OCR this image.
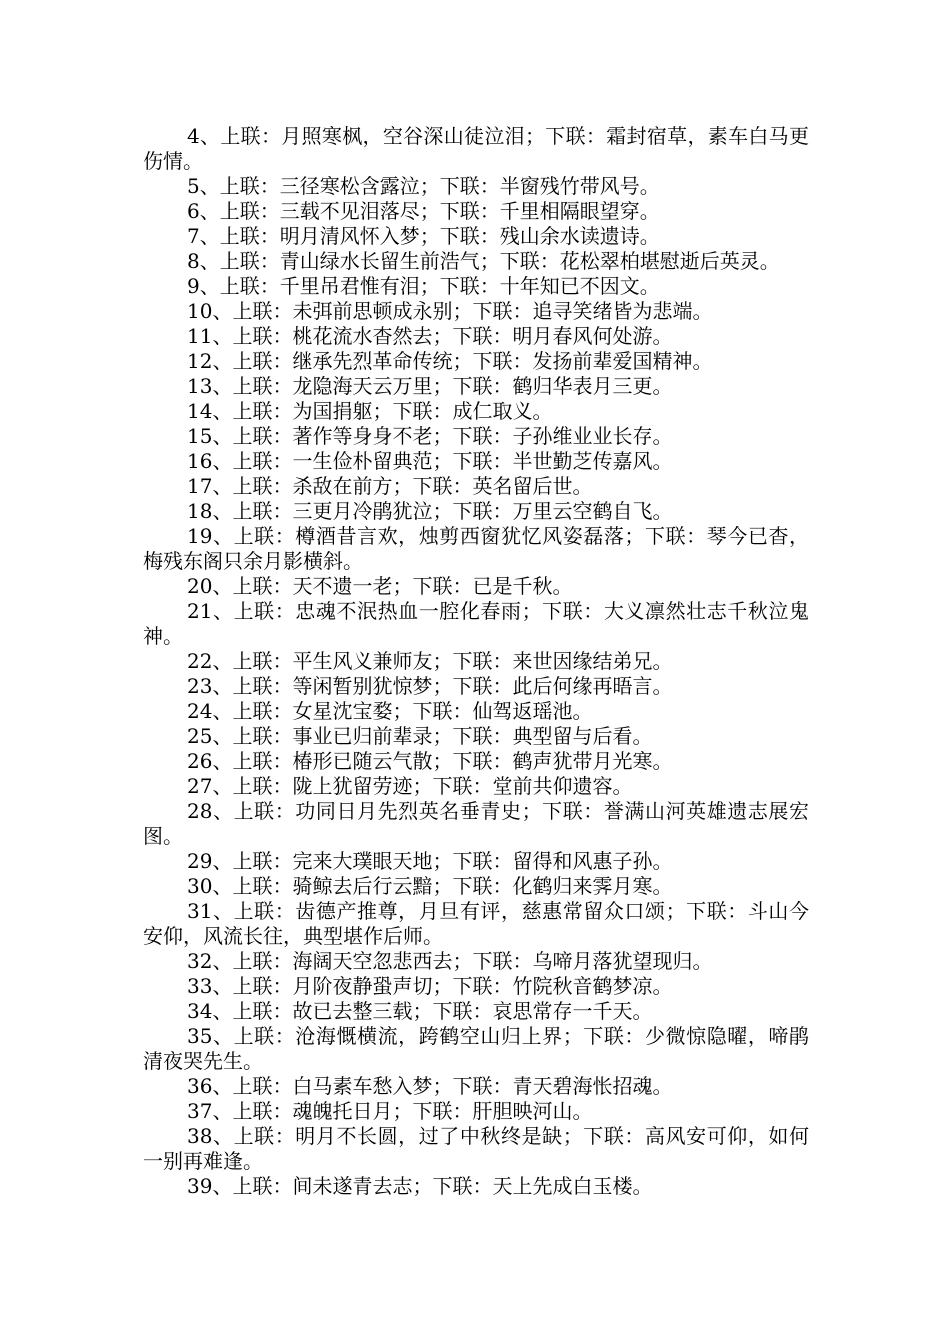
4、上联：月照寒枫，空谷深山徒泣泪；下联：霜封宿草，素车白马更伤情。

5、上联：三径寒松含露泣；下联：半窗残竹带风号。

6、上联：三载不见泪落尽；下联：千里相隔眼望穿。

7、上联：明月清风怀入梦；下联：残山余水读遗诗。

8、上联：青山绿水长留生前浩气；下联：花松翠柏堪慰逝后英灵。

9、上联：千里吊君惟有泪；下联：十年知已不因文。

10、上联：未弭前思顿成永别；下联：追寻笑绪皆为悲端。

11、上联：桃花流水杳然去；下联：明月春风何处游。

12、上联：继承先烈革命传统；下联：发扬前辈爱国精神。

13、上联：龙隐海天云万里；下联：鹤归华表月三更。

14、上联：为国捐躯；下联：成仁取义。

15、上联：著作等身身不老；下联：子孙维业业长存。

16、上联：一生俭朴留典范；下联：半世勤芝传嘉风。

17、上联：杀敌在前方；下联：英名留后世。

18、上联：三更月冷鹃犹泣；下联：万里云空鹤自飞。

19、上联：樽酒昔言欢，烛剪西窗犹忆风姿磊落；下联：琴今已杳，梅残东阁只余月影横斜。

20、上联：天不遗一老；下联：已是千秋。

21、上联：忠魂不泯热血一腔化春雨；下联：大义凛然壮志千秋泣鬼神。

22、上联：平生风义兼师友；下联：来世因缘结弟兄。

23、上联：等闲暂别犹惊梦；下联：此后何缘再晤言。

24、上联：女星沈宝婺；下联：仙驾返瑶池。

25、上联：事业已归前辈录；下联：典型留与后看。

26、上联：椿形已随云气散；下联：鹤声犹带月光寒。

27、上联：陇上犹留劳迹；下联：堂前共仰遗容。

28、上联：功同日月先烈英名垂青史；下联：誉满山河英雄遗志展宏图。

29、上联：完来大璞眼天地；下联：留得和风惠子孙。

30、上联：骑鲸去后行云黯；下联：化鹤归来霁月寒。

31、上联：齿德产推尊，月旦有评，慈惠常留众口颂；下联：斗山今安仰，风流长往，典型堪作后师。

32、上联：海阔天空忽悲西去；下联：乌啼月落犹望现归。

33、上联：月阶夜静蛩声切；下联：竹院秋音鹤梦凉。

34、上联：故已去整三载；下联：哀思常存一千天。

35、上联：沧海慨横流，跨鹤空山归上界；下联：少微惊隐曜，啼鹃清夜哭先生。

36、上联：白马素车愁入梦；下联：青天碧海怅招魂。

37、上联：魂魄托日月；下联：肝胆映河山。

38、上联：明月不长圆，过了中秋终是缺；下联：高风安可仰，如何一别再难逢。

39、上联：间未遂青去志；下联：天上先成白玉楼。
